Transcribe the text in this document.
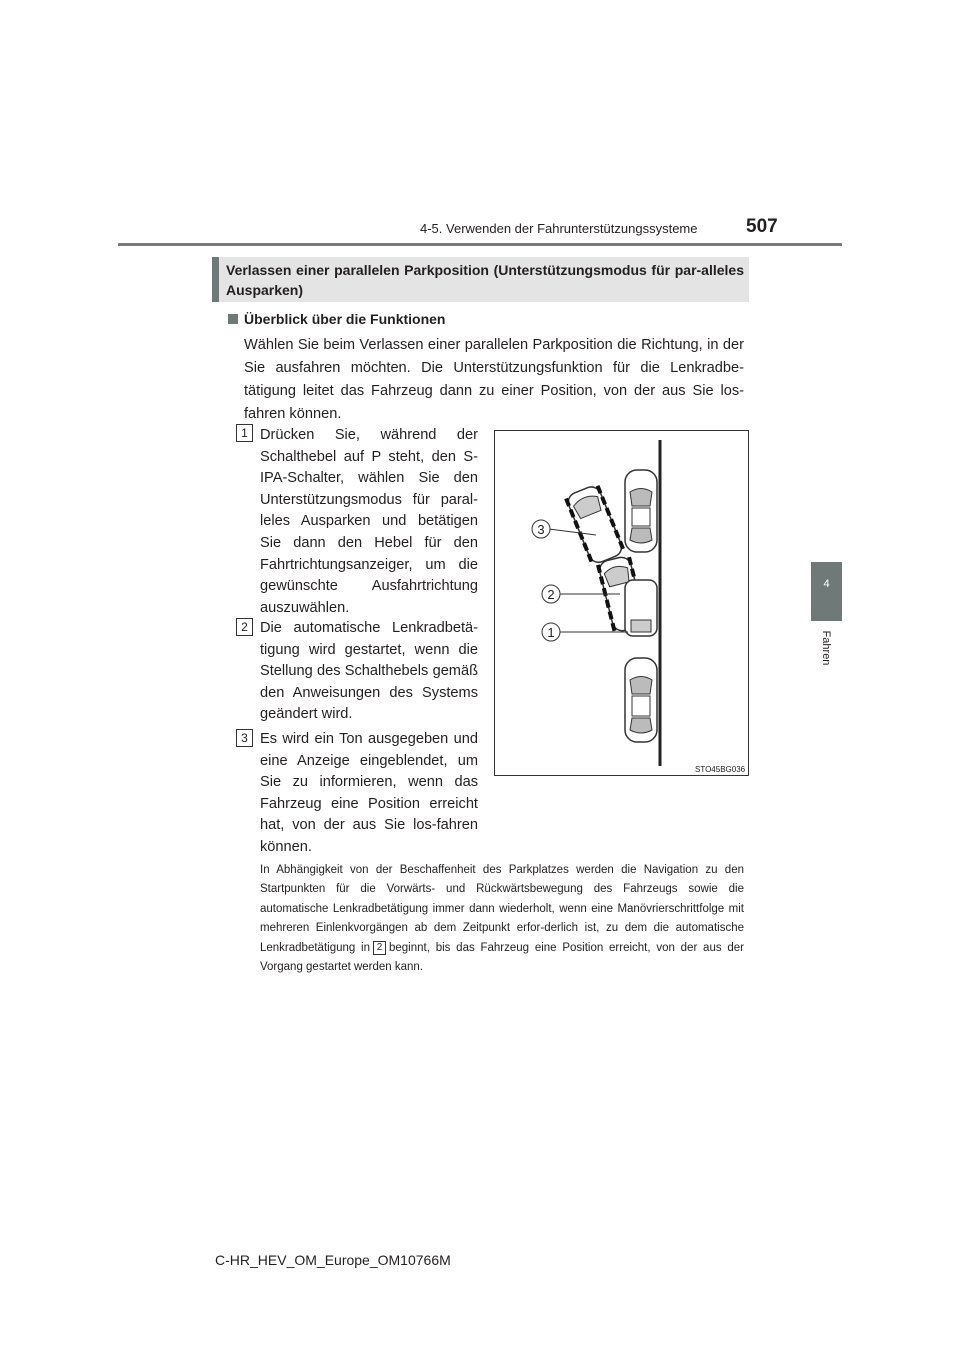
4-5. Verwenden der Fahrunterstützungssysteme	507
4
Fahren
Verlassen einer parallelen Parkposition (Unterstützungsmodus für par-alleles Ausparken)
Überblick über die Funktionen
Wählen Sie beim Verlassen einer parallelen Parkposition die Richtung, in der Sie ausfahren möchten. Die Unterstützungsfunktion für die Lenkradbe-tätigung leitet das Fahrzeug dann zu einer Position, von der aus Sie los-fahren können.
1 Drücken Sie, während der Schalthebel auf P steht, den S-IPA-Schalter, wählen Sie den Unterstützungsmodus für paral-leles Ausparken und betätigen Sie dann den Hebel für den Fahrtrichtungsanzeiger, um die gewünschte Ausfahrtrichtung auszuwählen.
2 Die automatische Lenkradbetä-tigung wird gestartet, wenn die Stellung des Schalthebels gemäß den Anweisungen des Systems geändert wird.
3 Es wird ein Ton ausgegeben und eine Anzeige eingeblendet, um Sie zu informieren, wenn das Fahrzeug eine Position erreicht hat, von der aus Sie los-fahren können.
3
2
1
STO45BG036
In Abhängigkeit von der Beschaffenheit des Parkplatzes werden die Navigation zu den Startpunkten für die Vorwärts- und Rückwärtsbewegung des Fahrzeugs sowie die automatische Lenkradbetätigung immer dann wiederholt, wenn eine Manövrierschrittfolge mit mehreren Einlenkvorgängen ab dem Zeitpunkt erfor-derlich ist, zu dem die automatische Lenkradbetätigung in 2 beginnt, bis das Fahrzeug eine Position erreicht, von der aus der Vorgang gestartet werden kann.
C-HR_HEV_OM_Europe_OM10766M
